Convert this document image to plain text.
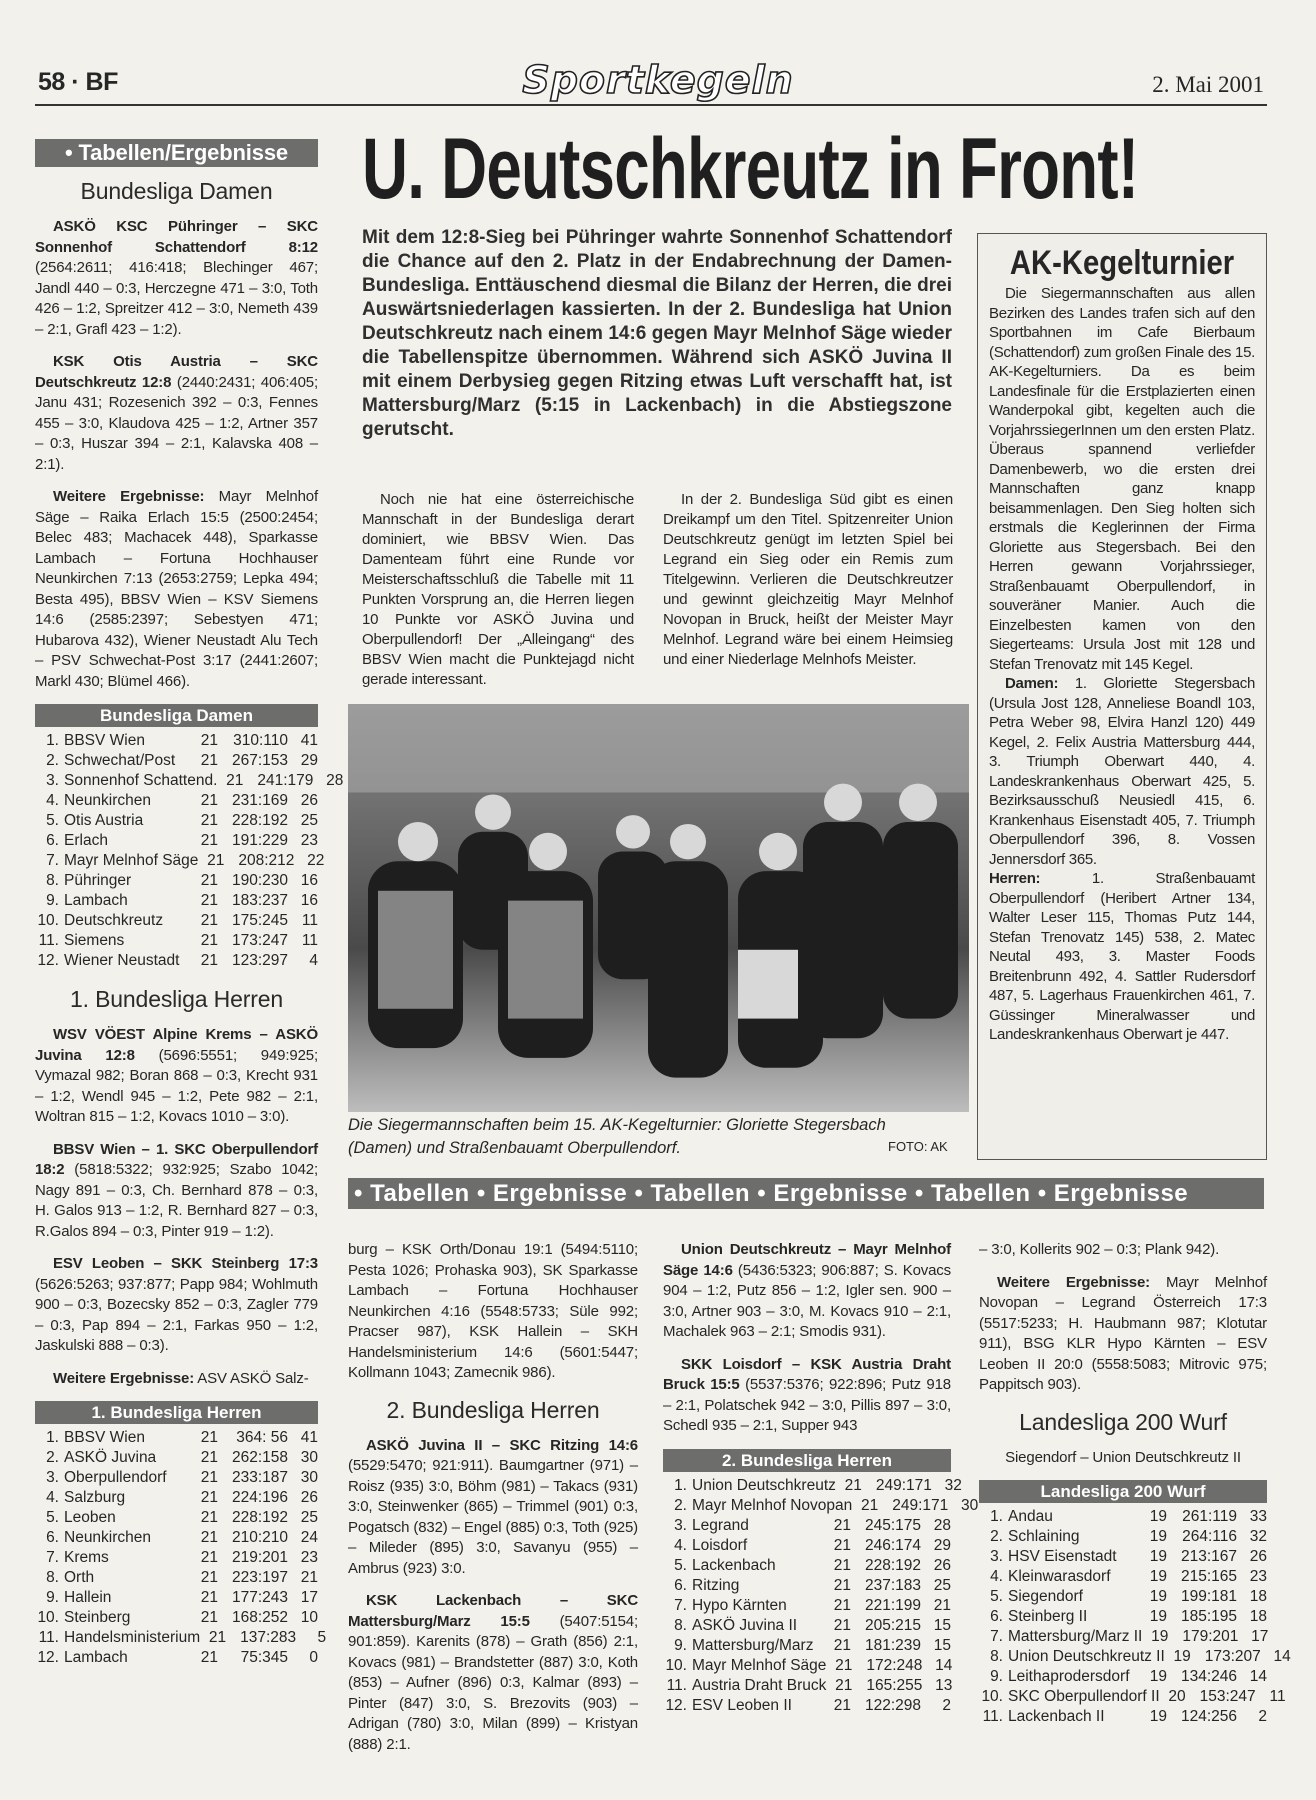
58 · BF	Sportkegeln	2. Mai 2001
• Tabellen/Ergebnisse
Bundesliga Damen

ASKÖ KSC Pühringer – SKC Sonnenhof Schattendorf 8:12 (2564:2611; 416:418; Blechinger 467; Jandl 440 – 0:3, Herczegne 471 – 3:0, Toth 426 – 1:2, Spreitzer 412 – 3:0, Nemeth 439 – 2:1, Grafl 423 – 1:2).

KSK Otis Austria – SKC Deutschkreutz 12:8 (2440:2431; 406:405; Janu 431; Rozesenich 392 – 0:3, Fennes 455 – 3:0, Klaudova 425 – 1:2, Artner 357 – 0:3, Huszar 394 – 2:1, Kalavska 408 – 2:1).

Weitere Ergebnisse: Mayr Melnhof Säge – Raika Erlach 15:5 (2500:2454; Belec 483; Machacek 448), Sparkasse Lambach – Fortuna Hochhauser Neunkirchen 7:13 (2653:2759; Lepka 494; Besta 495), BBSV Wien – KSV Siemens 14:6 (2585:2397; Sebestyen 471; Hubarova 432), Wiener Neustadt Alu Tech – PSV Schwechat-Post 3:17 (2441:2607; Markl 430; Blümel 466).

Bundesliga Damen
1. BBSV Wien	21 310:110 41
2. Schwechat/Post	21 267:153 29
3. Sonnenhof Schattend. 21 241:179 28
4. Neunkirchen	21 231:169 26
5. Otis Austria	21 228:192 25
6. Erlach	21 191:229 23
7. Mayr Melnhof Säge 21 208:212 22
8. Pühringer	21 190:230 16
9. Lambach	21 183:237 16
10. Deutschkreutz	21 175:245 11
11. Siemens	21 173:247 11
12. Wiener Neustadt	21 123:297	4
1. Bundesliga Herren

WSV VÖEST Alpine Krems – ASKÖ Juvina 12:8 (5696:5551; 949:925; Vymazal 982; Boran 868 – 0:3, Krecht 931 – 1:2, Wendl 945 – 1:2, Pete 982 – 2:1, Woltran 815 – 1:2, Kovacs 1010 – 3:0).

BBSV Wien – 1. SKC Oberpullendorf 18:2 (5818:5322; 932:925; Szabo 1042; Nagy 891 – 0:3, Ch. Bernhard 878 – 0:3, H. Galos 913 – 1:2, R. Bernhard 827 – 0:3, R.Galos 894 – 0:3, Pinter 919 – 1:2).

ESV Leoben – SKK Steinberg 17:3 (5626:5263; 937:877; Papp 984; Wohlmuth 900 – 0:3, Bozecsky 852 – 0:3, Zagler 779 – 0:3, Pap 894 – 2:1, Farkas 950 – 1:2, Jaskulski 888 – 0:3).

Weitere Ergebnisse: ASV ASKÖ Salz-

1. Bundesliga Herren
1. BBSV Wien	21	364: 56 41
2. ASKÖ Juvina	21 262:158 30
3. Oberpullendorf	21 233:187 30
4. Salzburg	21 224:196 26
5. Leoben	21 228:192 25
6. Neunkirchen	21 210:210 24
7. Krems	21 219:201 23
8. Orth	21 223:197 21
9. Hallein	21 177:243 17
10. Steinberg	21 168:252 10
11. Handelsministerium 21 137:283	5
12. Lambach	21	75:345	0
U. Deutschkreutz in Front!
Mit dem 12:8-Sieg bei Pühringer wahrte Sonnenhof Schattendorf die Chance auf den 2. Platz in der Endabrechnung der Damen-Bundesliga. Enttäuschend diesmal die Bilanz der Herren, die drei Auswärtsniederlagen kassierten. In der 2. Bundesliga hat Union Deutschkreutz nach einem 14:6 gegen Mayr Melnhof Säge wieder die Tabellenspitze übernommen. Während sich ASKÖ Juvina II mit einem Derbysieg gegen Ritzing etwas Luft verschafft hat, ist Mattersburg/Marz (5:15 in Lackenbach) in die Abstiegszone gerutscht.

Noch nie hat eine österreichische Mannschaft in der Bundesliga derart dominiert, wie BBSV Wien. Das Damenteam führt eine Runde vor Meisterschaftsschluß die Tabelle mit 11 Punkten Vorsprung an, die Herren liegen 10 Punkte vor ASKÖ Juvina und Oberpullendorf! Der „Alleingang“ des BBSV Wien macht die Punktejagd nicht gerade interessant.

In der 2. Bundesliga Süd gibt es einen Dreikampf um den Titel. Spitzenreiter Union Deutschkreutz genügt im letzten Spiel bei Legrand ein Sieg oder ein Remis zum Titelgewinn. Verlieren die Deutschkreutzer und gewinnt gleichzeitig Mayr Melnhof Novopan in Bruck, heißt der Meister Mayr Melnhof. Legrand wäre bei einem Heimsieg und einer Niederlage Melnhofs Meister.

Die Siegermannschaften beim 15. AK-Kegelturnier: Gloriette Stegersbach (Damen) und Straßenbauamt Oberpullendorf.	FOTO: AK
AK-Kegelturnier

Die Siegermannschaften aus allen Bezirken des Landes trafen sich auf den Sportbahnen im Cafe Bierbaum (Schattendorf) zum großen Finale des 15. AK-Kegelturniers. Da es beim Landesfinale für die Erstplazierten einen Wanderpokal gibt, kegelten auch die VorjahrssiegerInnen um den ersten Platz. Überaus spannend verliefder Damenbewerb, wo die ersten drei Mannschaften ganz knapp beisammenlagen. Den Sieg holten sich erstmals die Keglerinnen der Firma Gloriette aus Stegersbach. Bei den Herren gewann Vorjahrssieger, Straßenbauamt Oberpullendorf, in souveräner Manier. Auch die Einzelbesten kamen von den Siegerteams: Ursula Jost mit 128 und Stefan Trenovatz mit 145 Kegel.

Damen: 1. Gloriette Stegersbach (Ursula Jost 128, Anneliese Boandl 103, Petra Weber 98, Elvira Hanzl 120) 449 Kegel, 2. Felix Austria Mattersburg 444, 3. Triumph Oberwart 440, 4. Landeskrankenhaus Oberwart 425, 5. Bezirksausschuß Neusiedl 415, 6. Krankenhaus Eisenstadt 405, 7. Triumph Oberpullendorf 396, 8. Vossen Jennersdorf 365.

Herren: 1. Straßenbauamt Oberpullendorf (Heribert Artner 134, Walter Leser 115, Thomas Putz 144, Stefan Trenovatz 145) 538, 2. Matec Neutal 493, 3. Master Foods Breitenbrunn 492, 4. Sattler Rudersdorf 487, 5. Lagerhaus Frauenkirchen 461, 7. Güssinger Mineralwasser und Landeskrankenhaus Oberwart je 447.

• Tabellen • Ergebnisse • Tabellen • Ergebnisse • Tabellen • Ergebnisse

burg – KSK Orth/Donau 19:1 (5494:5110; Pesta 1026; Prohaska 903), SK Sparkasse Lambach – Fortuna Hochhauser Neunkirchen 4:16 (5548:5733; Süle 992; Pracser 987), KSK Hallein – SKH Handelsministerium 14:6 (5601:5447; Kollmann 1043; Zamecnik 986).

2. Bundesliga Herren

ASKÖ Juvina II – SKC Ritzing 14:6 (5529:5470; 921:911). Baumgartner (971) – Roisz (935) 3:0, Böhm (981) – Takacs (931) 3:0, Steinwenker (865) – Trimmel (901) 0:3, Pogatsch (832) – Engel (885) 0:3, Toth (925) – Mileder (895) 3:0, Savanyu (955) – Ambrus (923) 3:0.

KSK Lackenbach – SKC Mattersburg/Marz 15:5 (5407:5154; 901:859). Karenits (878) – Grath (856) 2:1, Kovacs (981) – Brandstetter (887) 3:0, Koth (853) – Aufner (896) 0:3, Kalmar (893) – Pinter (847) 3:0, S. Brezovits (903) – Adrigan (780) 3:0, Milan (899) – Kristyan (888) 2:1.

Union Deutschkreutz – Mayr Melnhof Säge 14:6 (5436:5323; 906:887; S. Kovacs 904 – 1:2, Putz 856 – 1:2, Igler sen. 900 – 3:0, Artner 903 – 3:0, M. Kovacs 910 – 2:1, Machalek 963 – 2:1; Smodis 931).

SKK Loisdorf – KSK Austria Draht Bruck 15:5 (5537:5376; 922:896; Putz 918 – 2:1, Polatschek 942 – 3:0, Pillis 897 – 3:0, Schedl 935 – 2:1, Supper 943

2. Bundesliga Herren
1. Union Deutschkreutz 21 249:171 32
2. Mayr Melnhof Novopan 21 249:171 30
3. Legrand	21 245:175 28
4. Loisdorf	21 246:174 29
5. Lackenbach	21 228:192 26
6. Ritzing	21 237:183 25
7. Hypo Kärnten	21 221:199 21
8. ASKÖ Juvina II	21 205:215 15
9. Mattersburg/Marz	21 181:239 15
10. Mayr Melnhof Säge 21 172:248 14
11. Austria Draht Bruck 21 165:255 13
12. ESV Leoben II	21 122:298	2

– 3:0, Kollerits 902 – 0:3; Plank 942).

Weitere Ergebnisse: Mayr Melnhof Novopan – Legrand Österreich 17:3 (5517:5233; H. Haubmann 987; Klotutar 911), BSG KLR Hypo Kärnten – ESV Leoben II 20:0 (5558:5083; Mitrovic 975; Pappitsch 903).

Landesliga 200 Wurf
Siegendorf – Union Deutschkreutz II
Landesliga 200 Wurf
1. Andau	19 261:119 33
2. Schlaining	19 264:116 32
3. HSV Eisenstadt	19 213:167 26
4. Kleinwarasdorf	19 215:165 23
5. Siegendorf	19 199:181 18
6. Steinberg II	19 185:195 18
7. Mattersburg/Marz II 19 179:201 17
8. Union Deutschkreutz II 19 173:207 14
9. Leithaprodersdorf	19 134:246 14
10. SKC Oberpullendorf II 20 153:247 11
11. Lackenbach II	19 124:256	2
